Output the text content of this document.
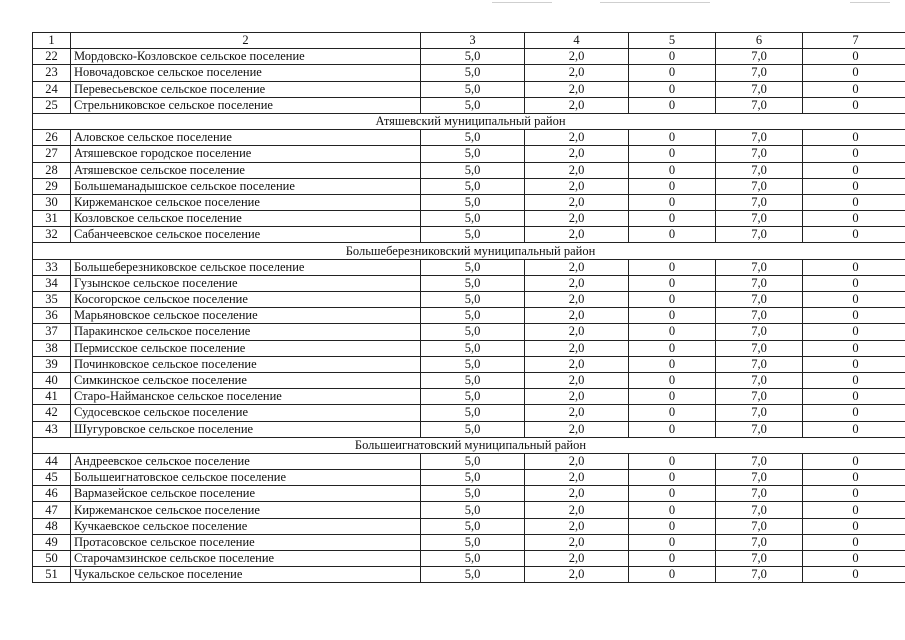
1	2	3	4	5	6	7
22	Мордовско-Козловское сельское поселение	5,0	2,0	0	7,0	0
23	Новочадовское сельское поселение	5,0	2,0	0	7,0	0
24	Перевесьевское сельское поселение	5,0	2,0	0	7,0	0
25	Стрельниковское сельское поселение	5,0	2,0	0	7,0	0
Атяшевский муниципальный район						
26	Аловское сельское поселение	5,0	2,0	0	7,0	0
27	Атяшевское городское поселение	5,0	2,0	0	7,0	0
28	Атяшевское сельское поселение	5,0	2,0	0	7,0	0
29	Большеманадышское сельское поселение	5,0	2,0	0	7,0	0
30	Киржеманское сельское поселение	5,0	2,0	0	7,0	0
31	Козловское сельское поселение	5,0	2,0	0	7,0	0
32	Сабанчеевское сельское поселение	5,0	2,0	0	7,0	0
Большеберезниковский муниципальный район						
33	Большеберезниковское сельское поселение	5,0	2,0	0	7,0	0
34	Гузынское сельское поселение	5,0	2,0	0	7,0	0
35	Косогорское сельское поселение	5,0	2,0	0	7,0	0
36	Марьяновское сельское поселение	5,0	2,0	0	7,0	0
37	Паракинское сельское поселение	5,0	2,0	0	7,0	0
38	Пермисское сельское поселение	5,0	2,0	0	7,0	0
39	Починковское сельское поселение	5,0	2,0	0	7,0	0
40	Симкинское сельское поселение	5,0	2,0	0	7,0	0
41	Старо-Найманское сельское поселение	5,0	2,0	0	7,0	0
42	Судосевское сельское поселение	5,0	2,0	0	7,0	0
43	Шугуровское сельское поселение	5,0	2,0	0	7,0	0
Большеигнатовский муниципальный район						
44	Андреевское сельское поселение	5,0	2,0	0	7,0	0
45	Большеигнатовское сельское поселение	5,0	2,0	0	7,0	0
46	Вармазейское сельское поселение	5,0	2,0	0	7,0	0
47	Киржеманское сельское поселение	5,0	2,0	0	7,0	0
48	Кучкаевское сельское поселение	5,0	2,0	0	7,0	0
49	Протасовское сельское поселение	5,0	2,0	0	7,0	0
50	Старочамзинское сельское поселение	5,0	2,0	0	7,0	0
51	Чукальское сельское поселение	5,0	2,0	0	7,0	0
